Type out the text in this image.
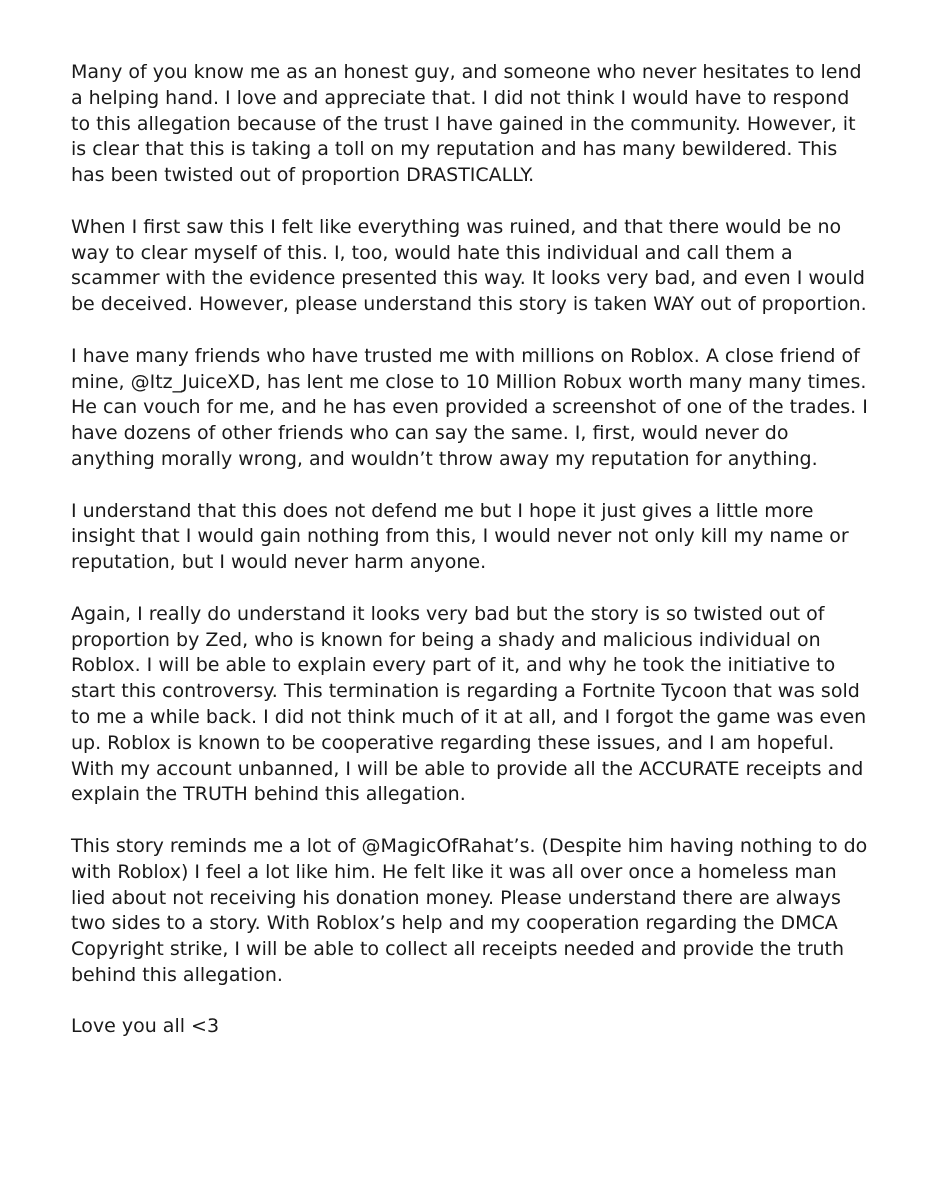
Many of you know me as an honest guy, and someone who never hesitates to lend a helping hand. I love and appreciate that. I did not think I would have to respond to this allegation because of the trust I have gained in the community. However, it is clear that this is taking a toll on my reputation and has many bewildered. This has been twisted out of proportion DRASTICALLY.

When I first saw this I felt like everything was ruined, and that there would be no way to clear myself of this. I, too, would hate this individual and call them a scammer with the evidence presented this way. It looks very bad, and even I would be deceived. However, please understand this story is taken WAY out of proportion.

I have many friends who have trusted me with millions on Roblox. A close friend of mine, @Itz_JuiceXD, has lent me close to 10 Million Robux worth many many times. He can vouch for me, and he has even provided a screenshot of one of the trades. I have dozens of other friends who can say the same. I, first, would never do anything morally wrong, and wouldn’t throw away my reputation for anything.

I understand that this does not defend me but I hope it just gives a little more insight that I would gain nothing from this, I would never not only kill my name or reputation, but I would never harm anyone.

Again, I really do understand it looks very bad but the story is so twisted out of proportion by Zed, who is known for being a shady and malicious individual on Roblox. I will be able to explain every part of it, and why he took the initiative to start this controversy. This termination is regarding a Fortnite Tycoon that was sold to me a while back. I did not think much of it at all, and I forgot the game was even up. Roblox is known to be cooperative regarding these issues, and I am hopeful. With my account unbanned, I will be able to provide all the ACCURATE receipts and explain the TRUTH behind this allegation.

This story reminds me a lot of @MagicOfRahat’s. (Despite him having nothing to do with Roblox) I feel a lot like him. He felt like it was all over once a homeless man lied about not receiving his donation money. Please understand there are always two sides to a story. With Roblox’s help and my cooperation regarding the DMCA Copyright strike, I will be able to collect all receipts needed and provide the truth behind this allegation.

Love you all <3
